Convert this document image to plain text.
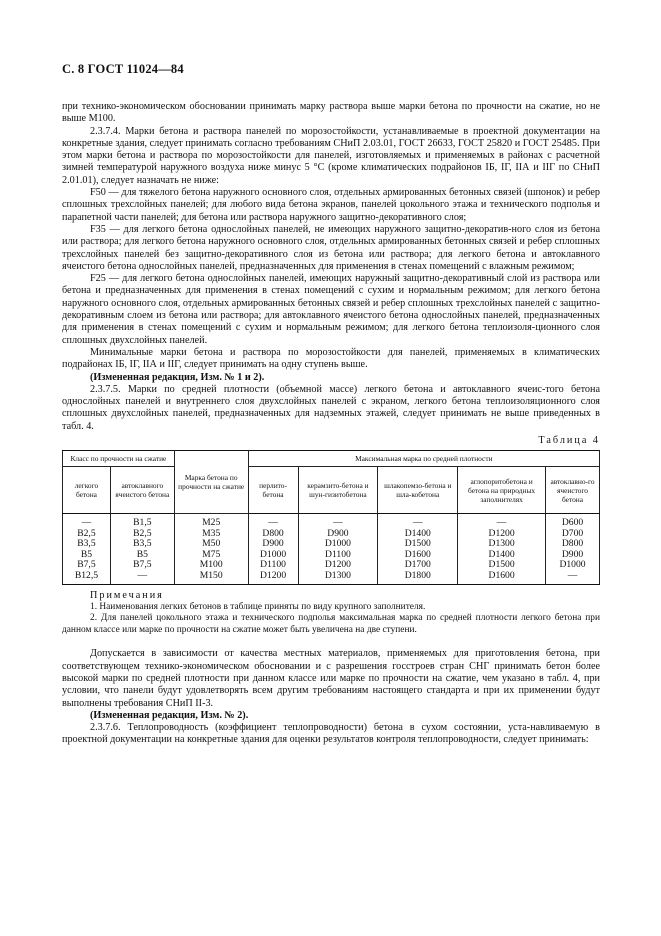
С. 8 ГОСТ 11024—84

при технико-экономическом обосновании принимать марку раствора выше марки бетона по прочности на сжатие, но не выше М100.

2.3.7.4. Марки бетона и раствора панелей по морозостойкости, устанавливаемые в проектной документации на конкретные здания, следует принимать согласно требованиям СНиП 2.03.01, ГОСТ 26633, ГОСТ 25820 и ГОСТ 25485. При этом марки бетона и раствора по морозостойкости для панелей, изготовляемых и применяемых в районах с расчетной зимней температурой наружного воздуха ниже минус 5 °С (кроме климатических подрайонов IБ, IГ, IIА и IIГ по СНиП 2.01.01), следует назначать не ниже:

F50 — для тяжелого бетона наружного основного слоя, отдельных армированных бетонных связей (шпонок) и ребер сплошных трехслойных панелей; для любого вида бетона экранов, панелей цокольного этажа и технического подполья и парапетной части панелей; для бетона или раствора наружного защитно-декоративного слоя;

F35 — для легкого бетона однослойных панелей, не имеющих наружного защитно-декоратив-ного слоя из бетона или раствора; для легкого бетона наружного основного слоя, отдельных армированных бетонных связей и ребер сплошных трехслойных панелей без защитно-декоративного слоя из бетона или раствора; для легкого бетона и автоклавного ячеистого бетона однослойных панелей, предназначенных для применения в стенах помещений с влажным режимом;

F25 — для легкого бетона однослойных панелей, имеющих наружный защитно-декоративный слой из раствора или бетона и предназначенных для применения в стенах помещений с сухим и нормальным режимом; для легкого бетона наружного основного слоя, отдельных армированных бетонных связей и ребер сплошных трехслойных панелей с защитно-декоративным слоем из бетона или раствора; для автоклавного ячеистого бетона однослойных панелей, предназначенных для применения в стенах помещений с сухим и нормальным режимом; для легкого бетона теплоизоля-ционного слоя сплошных двухслойных панелей.

Минимальные марки бетона и раствора по морозостойкости для панелей, применяемых в климатических подрайонах IБ, IГ, IIА и IIГ, следует принимать на одну ступень выше.

(Измененная редакция, Изм. № 1 и 2).

2.3.7.5. Марки по средней плотности (объемной массе) легкого бетона и автоклавного ячеис-того бетона однослойных панелей и внутреннего слоя двухслойных панелей с экраном, легкого бетона теплоизоляционного слоя сплошных двухслойных панелей, предназначенных для надземных этажей, следует принимать не выше приведенных в табл. 4.

Таблица 4
Класс по прочности на сжатие		Марка бетона по прочности на сжатие	Максимальная марка по средней плотности				
легкого бетона	автоклавного ячеистого бетона		перлито-бетона	керамзито-бетона и шун-гизитобетона	шлакопемзо-бетона и шла-кобетона	аглопоритобетона и бетона на природных заполнителях	автоклавно-го ячеистого бетона
—	B1,5	M25	—	—	—	—	D600
B2,5	B2,5	M35	D800	D900	D1400	D1200	D700
B3,5	B3,5	M50	D900	D1000	D1500	D1300	D800
B5	B5	M75	D1000	D1100	D1600	D1400	D900
B7,5	B7,5	M100	D1100	D1200	D1700	D1500	D1000
B12,5	—	M150	D1200	D1300	D1800	D1600	—
Примечания

1. Наименования легких бетонов в таблице приняты по виду крупного заполнителя.

2. Для панелей цокольного этажа и технического подполья максимальная марка по средней плотности легкого бетона при данном классе или марке по прочности на сжатие может быть увеличена на две ступени.

Допускается в зависимости от качества местных материалов, применяемых для приготовления бетона, при соответствующем технико-экономическом обосновании и с разрешения госстроев стран СНГ принимать бетон более высокой марки по средней плотности при данном классе или марке по прочности на сжатие, чем указано в табл. 4, при условии, что панели будут удовлетворять всем другим требованиям настоящего стандарта и при их применении будут выполнены требования СНиП II-3.

(Измененная редакция, Изм. № 2).

2.3.7.6. Теплопроводность (коэффициент теплопроводности) бетона в сухом состоянии, уста-навливаемую в проектной документации на конкретные здания для оценки результатов контроля теплопроводности, следует принимать:
